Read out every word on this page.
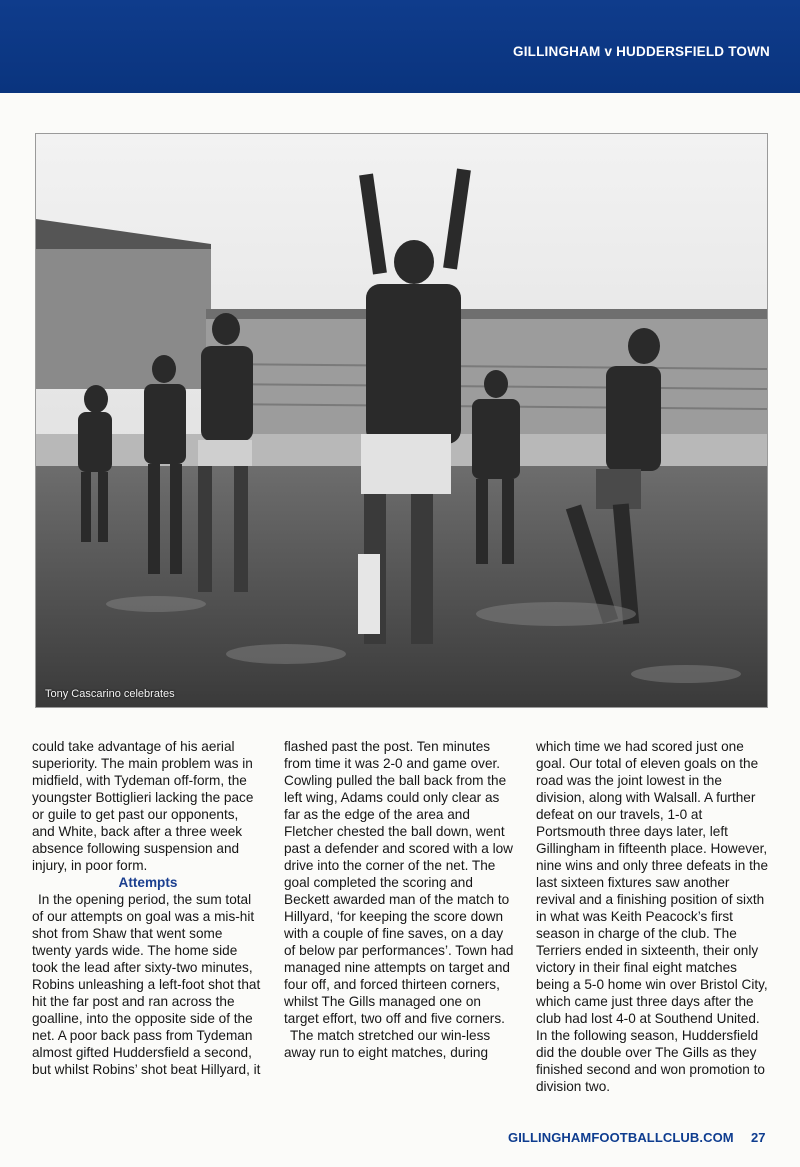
GILLINGHAM v HUDDERSFIELD TOWN
Tony Cascarino celebrates

could take advantage of his aerial superiority. The main problem was in midfield, with Tydeman off-form, the youngster Bottiglieri lacking the pace or guile to get past our opponents, and White, back after a three week absence following suspension and injury, in poor form.

Attempts

In the opening period, the sum total of our attempts on goal was a mis-hit shot from Shaw that went some twenty yards wide. The home side took the lead after sixty-two minutes, Robins unleashing a left-foot shot that hit the far post and ran across the goalline, into the opposite side of the net. A poor back pass from Tydeman almost gifted Huddersfield a second, but whilst Robins’ shot beat Hillyard, it

flashed past the post. Ten minutes from time it was 2-0 and game over. Cowling pulled the ball back from the left wing, Adams could only clear as far as the edge of the area and Fletcher chested the ball down, went past a defender and scored with a low drive into the corner of the net. The goal completed the scoring and Beckett awarded man of the match to Hillyard, ‘for keeping the score down with a couple of fine saves, on a day of below par performances’. Town had managed nine attempts on target and four off, and forced thirteen corners, whilst The Gills managed one on target effort, two off and five corners.

The match stretched our win-less away run to eight matches, during

which time we had scored just one goal. Our total of eleven goals on the road was the joint lowest in the division, along with Walsall. A further defeat on our travels, 1-0 at Portsmouth three days later, left Gillingham in fifteenth place. However, nine wins and only three defeats in the last sixteen fixtures saw another revival and a finishing position of sixth in what was Keith Peacock’s first season in charge of the club. The Terriers ended in sixteenth, their only victory in their final eight matches being a 5-0 home win over Bristol City, which came just three days after the club had lost 4-0 at Southend United. In the following season, Huddersfield did the double over The Gills as they finished second and won promotion to division two.

GILLINGHAMFOOTBALLCLUB.COM 27
